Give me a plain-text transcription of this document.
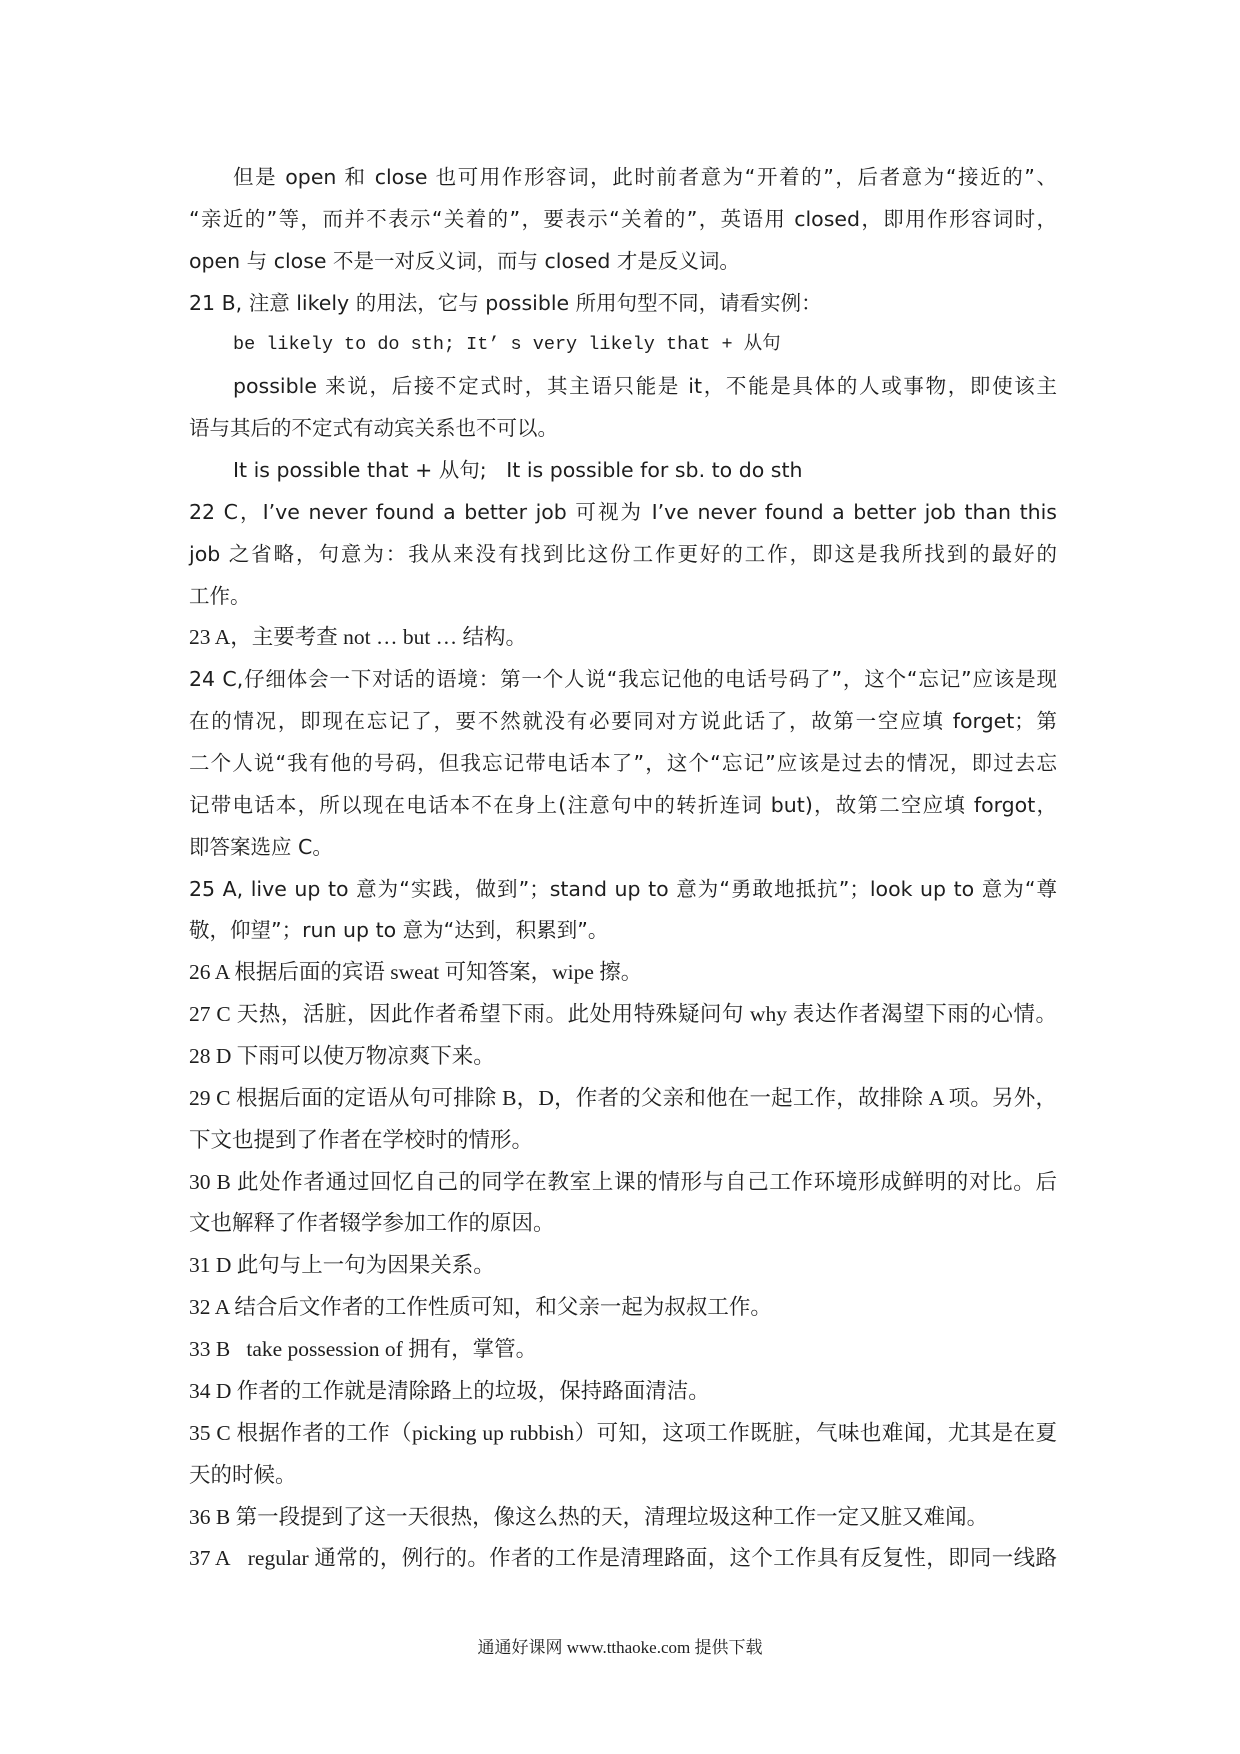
但是 open 和 close 也可用作形容词，此时前者意为“开着的”，后者意为“接近的”、
“亲近的”等，而并不表示“关着的”，要表示“关着的”，英语用 closed，即用作形容词时，
open 与 close 不是一对反义词，而与 closed 才是反义词。
21 B, 注意 likely 的用法，它与 possible 所用句型不同，请看实例：
be likely to do sth; It’ s very likely that + 从句
possible 来说，后接不定式时，其主语只能是 it，不能是具体的人或事物，即使该主
语与其后的不定式有动宾关系也不可以。
It is possible that + 从句;   It is possible for sb. to do sth
22 C，I’ve never found a better job 可视为 I’ve never found a better job than this
job 之省略，句意为：我从来没有找到比这份工作更好的工作，即这是我所找到的最好的
工作。
23 A，主要考查 not … but … 结构。
24 C,仔细体会一下对话的语境：第一个人说“我忘记他的电话号码了”，这个“忘记”应该是现
在的情况，即现在忘记了，要不然就没有必要同对方说此话了，故第一空应填 forget；第
二个人说“我有他的号码，但我忘记带电话本了”，这个“忘记”应该是过去的情况，即过去忘
记带电话本，所以现在电话本不在身上(注意句中的转折连词 but)，故第二空应填 forgot，
即答案选应 C。
25 A, live up to 意为“实践，做到”；stand up to 意为“勇敢地抵抗”；look up to 意为“尊
敬，仰望”；run up to 意为“达到，积累到”。
26 A 根据后面的宾语 sweat 可知答案，wipe 擦。
27 C 天热，活脏，因此作者希望下雨。此处用特殊疑问句 why 表达作者渴望下雨的心情。
28 D 下雨可以使万物凉爽下来。
29 C 根据后面的定语从句可排除 B，D，作者的父亲和他在一起工作，故排除 A 项。另外，
下文也提到了作者在学校时的情形。
30 B 此处作者通过回忆自己的同学在教室上课的情形与自己工作环境形成鲜明的对比。后
文也解释了作者辍学参加工作的原因。
31 D 此句与上一句为因果关系。
32 A 结合后文作者的工作性质可知，和父亲一起为叔叔工作。
33 B   take possession of 拥有，掌管。
34 D 作者的工作就是清除路上的垃圾，保持路面清洁。
35 C 根据作者的工作（picking up rubbish）可知，这项工作既脏，气味也难闻，尤其是在夏
天的时候。
36 B 第一段提到了这一天很热，像这么热的天，清理垃圾这种工作一定又脏又难闻。
37 A   regular 通常的，例行的。作者的工作是清理路面，这个工作具有反复性，即同一线路
通通好课网 www.tthaoke.com 提供下载
